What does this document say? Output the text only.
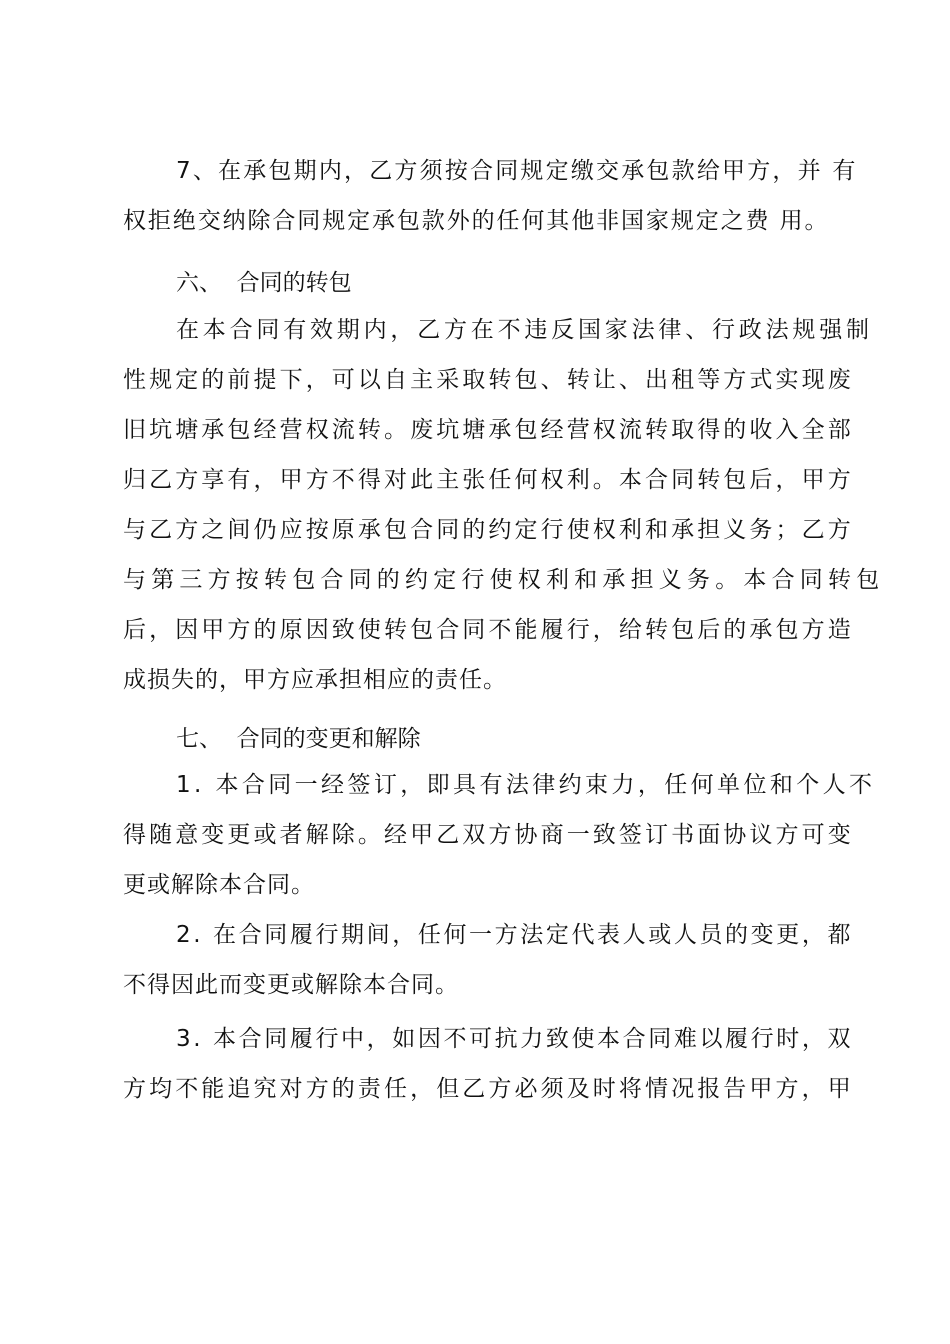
7、在承包期内，乙方须按合同规定缴交承包款给甲方，并 有

权拒绝交纳除合同规定承包款外的任何其他非国家规定之费 用。

六、  合同的转包

在本合同有效期内，乙方在不违反国家法律、行政法规强制

性规定的前提下，可以自主采取转包、转让、出租等方式实现废

旧坑塘承包经营权流转。废坑塘承包经营权流转取得的收入全部

归乙方享有，甲方不得对此主张任何权利。本合同转包后，甲方

与乙方之间仍应按原承包合同的约定行使权利和承担义务；乙方

与第三方按转包合同的约定行使权利和承担义务。本合同转包

后，因甲方的原因致使转包合同不能履行，给转包后的承包方造

成损失的，甲方应承担相应的责任。

七、  合同的变更和解除

1. 本合同一经签订，即具有法律约束力，任何单位和个人不

得随意变更或者解除。经甲乙双方协商一致签订书面协议方可变

更或解除本合同。

2. 在合同履行期间，任何一方法定代表人或人员的变更，都

不得因此而变更或解除本合同。

3. 本合同履行中，如因不可抗力致使本合同难以履行时，双

方均不能追究对方的责任，但乙方必须及时将情况报告甲方，甲
